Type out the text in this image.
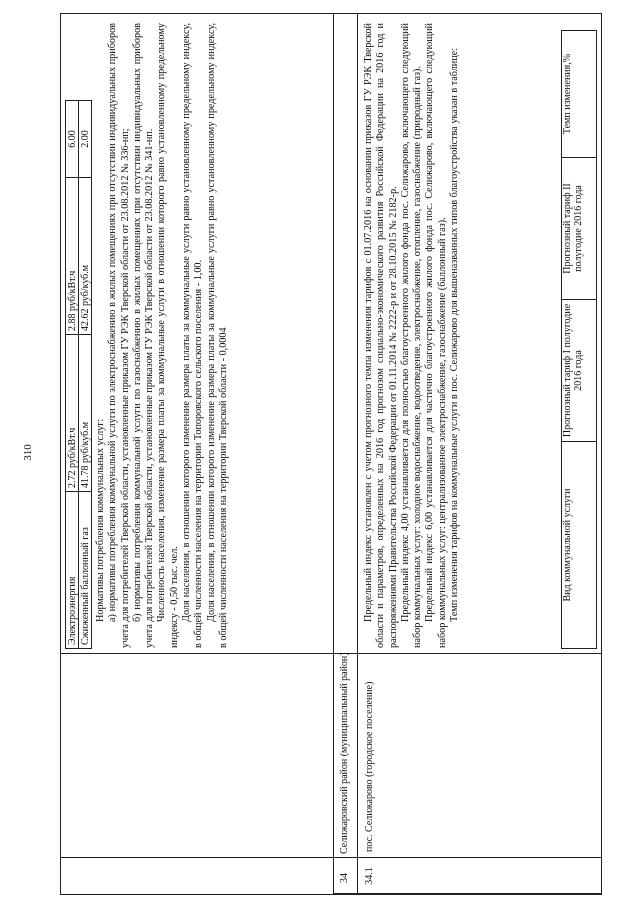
310
Электроэнергия	2.72 руб/кВт.ч	2.88 руб/кВт.ч	6.00
Сжиженный баллонный газ	41.78 руб/куб.м	42.62 руб/куб.м	2.00

Нормативы потребления коммунальных услуг: а) нормативы потребления коммунальной услуги по электроснабжению в жилых помещениях при отсутствии индивидуальных приборов учета для потребителей Тверской области, установленные приказом ГУ РЭК Тверской области от 23.08.2012 № 336-нп; б) нормативы потребления коммунальной услуги по газоснабжению в жилых помещениях при отсутствии индивидуальных приборов учета для потребителей Тверской области, установленные приказом ГУ РЭК Тверской области от 23.08.2012 № 341-нп. Численность населения, изменение размера платы за коммунальные услуги в отношении которого равно установленному предельному индексу - 0,50 тыс. чел. Доля населения, в отношении которого изменение размера платы за коммунальные услуги равно установленному предельному индексу, в общей численности населения на территории Топоровского сельского поселения - 1,00. Доля населения, в отношении которого изменение размера платы за коммунальные услуги равно установленному предельному индексу, в общей численности населения на территории Тверской области - 0,0004

34
Селижаровский район (муниципальный район)
34.1
пос. Селижарово (городское поселение)

Предельный индекс установлен с учетом прогнозного темпа изменения тарифов с 01.07.2016 на основании приказов ГУ РЭК Тверской области и параметров, определенных на 2016 год прогнозом социально-экономического развития Российской Федерации на 2016 год и распоряжениями Правительства Российской Федерации от 01.11.2014 № 2222-р и от 28.10.2015 № 2182-р. Предельный индекс 4,00 устанавливается для полностью благоустроенного жилого фонда пос. Селижарово, включающего следующий набор коммунальных услуг: холодное водоснабжение, водоотведение, электроснабжение, отопление, газоснабжение (природный газ). Предельный индекс 6,00 устанавливается для частично благоустроенного жилого фонда пос. Селижарово, включающего следующий набор коммунальных услуг: централизованное электроснабжение, газоснабжение (баллонный газ). Темп изменения тарифов на коммунальные услуги в пос. Селижарово для вышеназванных типов благоустройства указан в таблице:	Вид коммунальной услуги	Прогнозный тариф I полугодие 2016 года	Прогнозный тариф II полугодие 2016 года	Темп изменения,%
